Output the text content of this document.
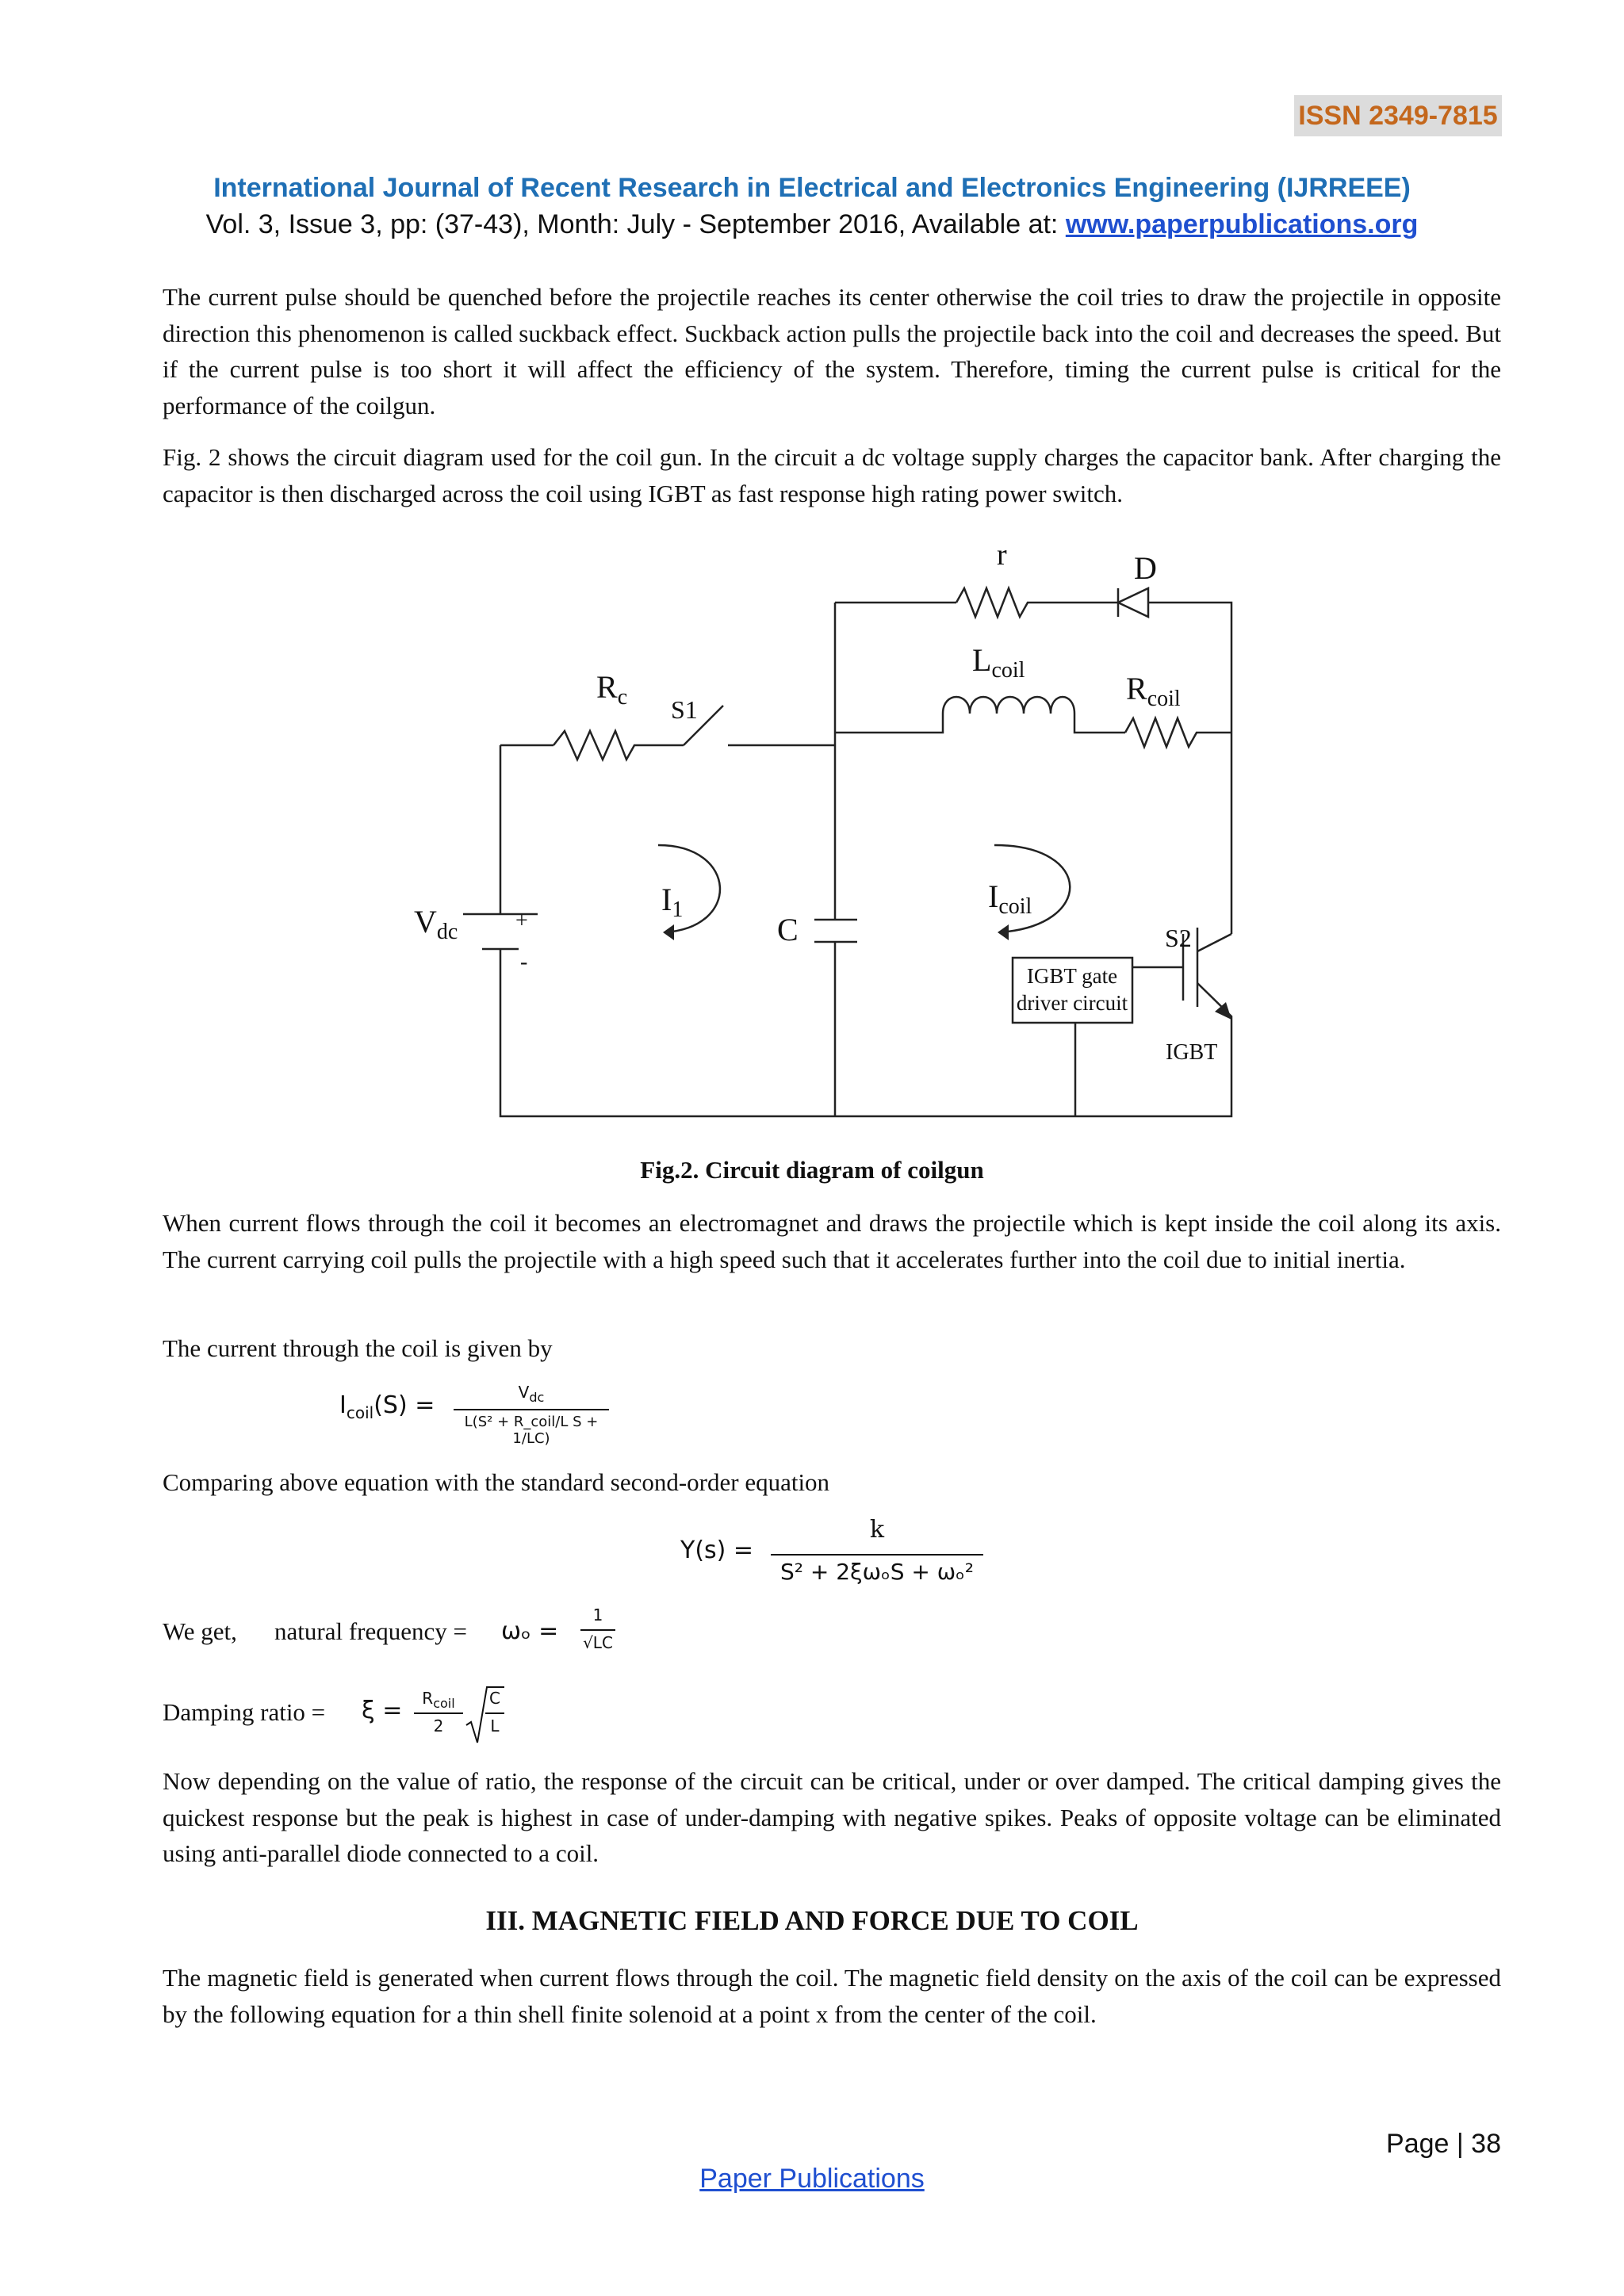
ISSN 2349-7815
International Journal of Recent Research in Electrical and Electronics Engineering (IJRREEE)
Vol. 3, Issue 3, pp: (37-43), Month: July - September 2016, Available at: www.paperpublications.org

The current pulse should be quenched before the projectile reaches its center otherwise the coil tries to draw the projectile in opposite direction this phenomenon is called suckback effect. Suckback action pulls the projectile back into the coil and decreases the speed. But if the current pulse is too short it will affect the efficiency of the system. Therefore, timing the current pulse is critical for the performance of the coilgun.

Fig. 2 shows the circuit diagram used for the coil gun. In the circuit a dc voltage supply charges the capacitor bank. After charging the capacitor is then discharged across the coil using IGBT as fast response high rating power switch.

r	D
$L_{coil}$
$R_{coil}$
$R_c$ S1
$I_1$	$I_{coil}$
$V_{dc}$	+
-
C	S2
IGBT gate
driver circuit
IGBT
Fig.2. Circuit diagram of coilgun

When current flows through the coil it becomes an electromagnet and draws the projectile which is kept inside the coil along its axis. The current carrying coil pulls the projectile with a high speed such that it accelerates further into the coil due to initial inertia.

The current through the coil is given by

$I_{coil}(S)$ =	$V_{dc}$
L(S² + R_coil/L S + 1/LC)

Comparing above equation with the standard second-order equation

Y(s) =
k
S² + 2ξωₒS + ωₒ²
We get, natural frequency = ωₒ =
1
√LC
Damping ratio = ξ =	$R_{coil}$
2
C
L

Now depending on the value of ratio, the response of the circuit can be critical, under or over damped. The critical damping gives the quickest response but the peak is highest in case of under-damping with negative spikes. Peaks of opposite voltage can be eliminated using anti-parallel diode connected to a coil.

III. MAGNETIC FIELD AND FORCE DUE TO COIL

The magnetic field is generated when current flows through the coil. The magnetic field density on the axis of the coil can be expressed by the following equation for a thin shell finite solenoid at a point x from the center of the coil.

Page | 38
Paper Publications
